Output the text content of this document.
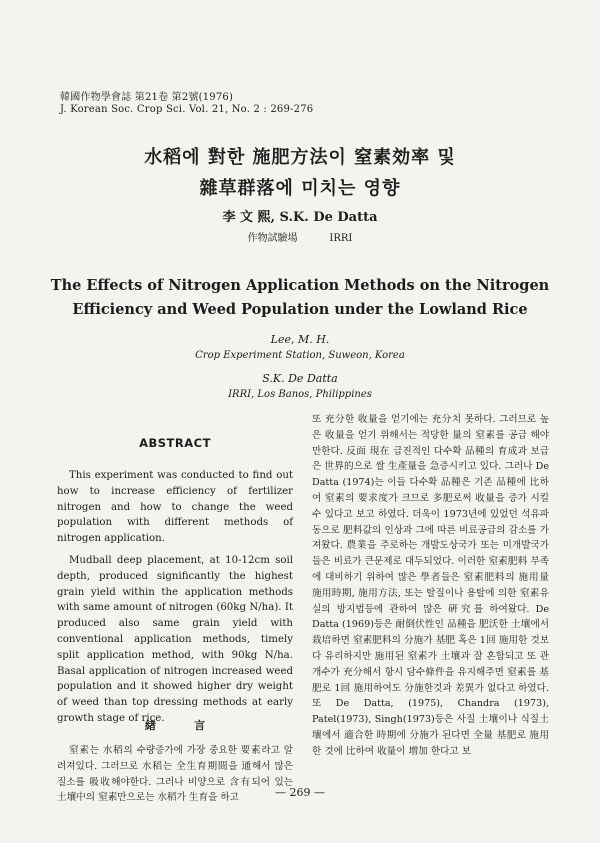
韓國作物學會誌 第21卷 第2號(1976)
J. Korean Soc. Crop Sci. Vol. 21, No. 2 : 269-276
水稻에 對한 施肥方法이 窒素効率 및
雜草群落에 미치는 영향
李 文 熙, S.K. De Datta
作物試驗場          IRRI
The Effects of Nitrogen Application Methods on the Nitrogen
Efficiency and Weed Population under the Lowland Rice
Lee, M. H.
Crop Experiment Station, Suweon, Korea
S.K. De Datta
IRRI, Los Banos, Philippines
ABSTRACT

This experiment was conducted to find out how to increase efficiency of fertilizer nitrogen and how to change the weed population with different methods of nitrogen application.

Mudball deep placement, at 10-12cm soil depth, produced significantly the highest grain yield within the application methods with same amount of nitrogen (60kg N/ha). It produced also same grain yield with conventional application methods, timely split application method, with 90kg N/ha. Basal application of nitrogen increased weed population and it showed higher dry weight of weed than top dressing methods at early growth stage of rice.

緖          言

窒素는 水稻의 수량증가에 가장 중요한 要素라고 알려져있다. 그러므로 水稻는 全生育期間을 通해서 많은 질소를 吸收해야한다. 그러나 비양으로 含有되어 있는 土壤中의 窒素만으로는 水稻가 生育을 하고

또 充分한 收量을 얻기에는 充分치 못하다. 그러므로 높은 收量을 얻기 위해서는 적당한 量의 窒素를 공급 해야만한다. 反面 現在 급진적인 다수확 品種의 育成과 보급은 世界的으로 쌀 生產量을 急증시키고 있다. 그러나 De Datta (1974)는 이들 다수확 品種은 기존 品種에 比하여 窒素의 要求度가 크므로 多肥로써 收量을 증가 시킬 수 있다고 보고 하였다. 더욱이 1973년에 있었던 석유파동으로 肥料값의 인상과 그에 따른 비료공급의 감소를 가져왔다. 農業을 주로하는 개발도상국가 또는 미개발국가들은 비료가 큰문제로 대두되었다. 이러한 窒素肥料 부족에 대비하기 위하여 많은 學者들은 窒素肥料의 施用量 施用時期, 施用方法, 또는 탈질이나 용탈에 의한 窒素유실의 방지법등에 관하여 많은 硏究를 하여왔다. De Datta (1969)등은 耐倒伏性인 品種을 肥沃한 土壤에서 栽培하면 窒素肥料의 分施가 基肥 혹은 1回 施用한 것보다 유리하지만 施用된 窒素가 土壤과 잘 혼합되고 또 관개수가 充分해서 항시 담수條件을 유지해주면 窒素를 基肥로 1回 施用하여도 分施한것과 差異가 없다고 하였다. 또 De Datta, (1975), Chandra (1973), Patel(1973), Singh(1973)등은 사질 土壤이나 식질土壤에서 適合한 時期에 分施가 된다면 全量 基肥로 施用한 것에 比하여 收量이 增加 한다고 보

— 269 —
